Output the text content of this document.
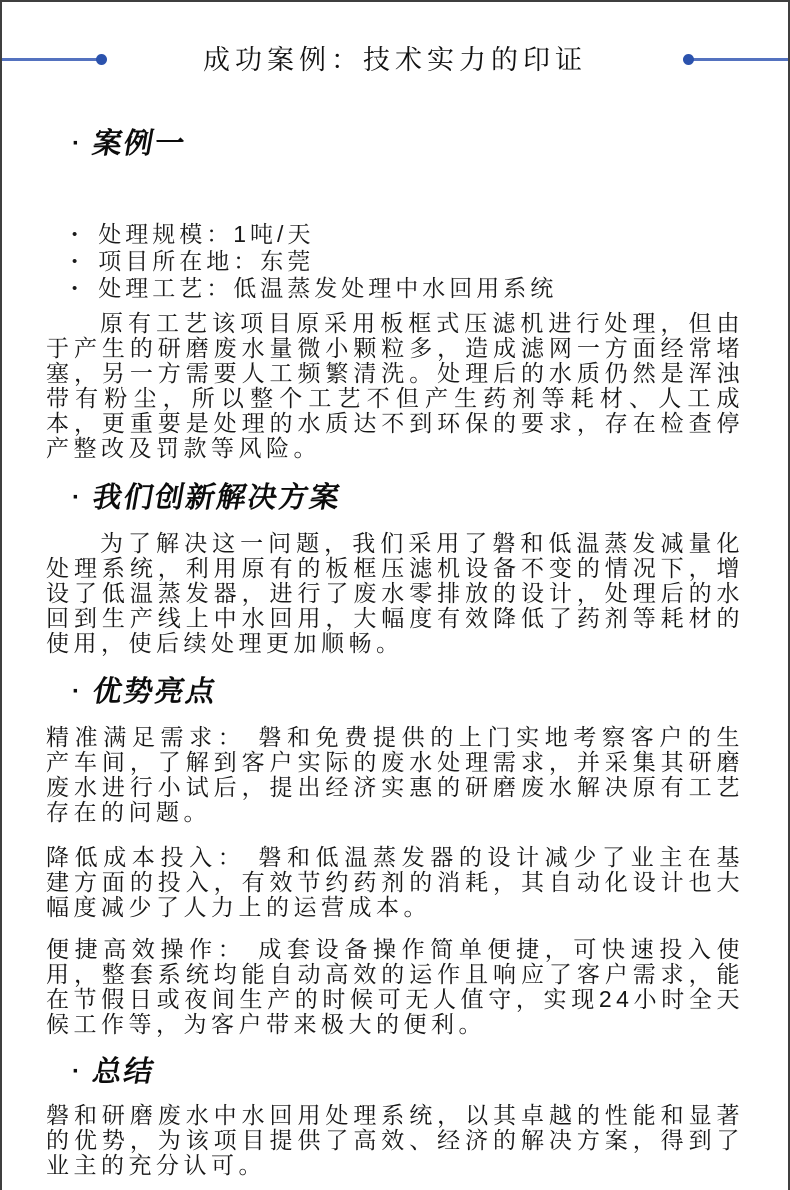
成功案例：技术实力的印证
· 案例一
• 处理规模：1吨/天
• 项目所在地：东莞
• 处理工艺：低温蒸发处理中水回用系统

原有工艺该项目原采用板框式压滤机进行处理，但由于产生的研磨废水量微小颗粒多，造成滤网一方面经常堵塞，另一方需要人工频繁清洗。处理后的水质仍然是浑浊带有粉尘，所以整个工艺不但产生药剂等耗材、人工成本，更重要是处理的水质达不到环保的要求，存在检查停产整改及罚款等风险。

· 我们创新解决方案

为了解决这一问题，我们采用了磐和低温蒸发减量化处理系统，利用原有的板框压滤机设备不变的情况下，增设了低温蒸发器，进行了废水零排放的设计，处理后的水回到生产线上中水回用，大幅度有效降低了药剂等耗材的使用，使后续处理更加顺畅。

· 优势亮点

精准满足需求： 磐和免费提供的上门实地考察客户的生产车间，了解到客户实际的废水处理需求，并采集其研磨废水进行小试后，提出经济实惠的研磨废水解决原有工艺存在的问题。

降低成本投入： 磐和低温蒸发器的设计减少了业主在基建方面的投入，有效节约药剂的消耗，其自动化设计也大幅度减少了人力上的运营成本。

便捷高效操作： 成套设备操作简单便捷，可快速投入使用，整套系统均能自动高效的运作且响应了客户需求，能在节假日或夜间生产的时候可无人值守，实现24小时全天候工作等，为客户带来极大的便利。

· 总结

磐和研磨废水中水回用处理系统，以其卓越的性能和显著的优势，为该项目提供了高效、经济的解决方案，得到了业主的充分认可。
